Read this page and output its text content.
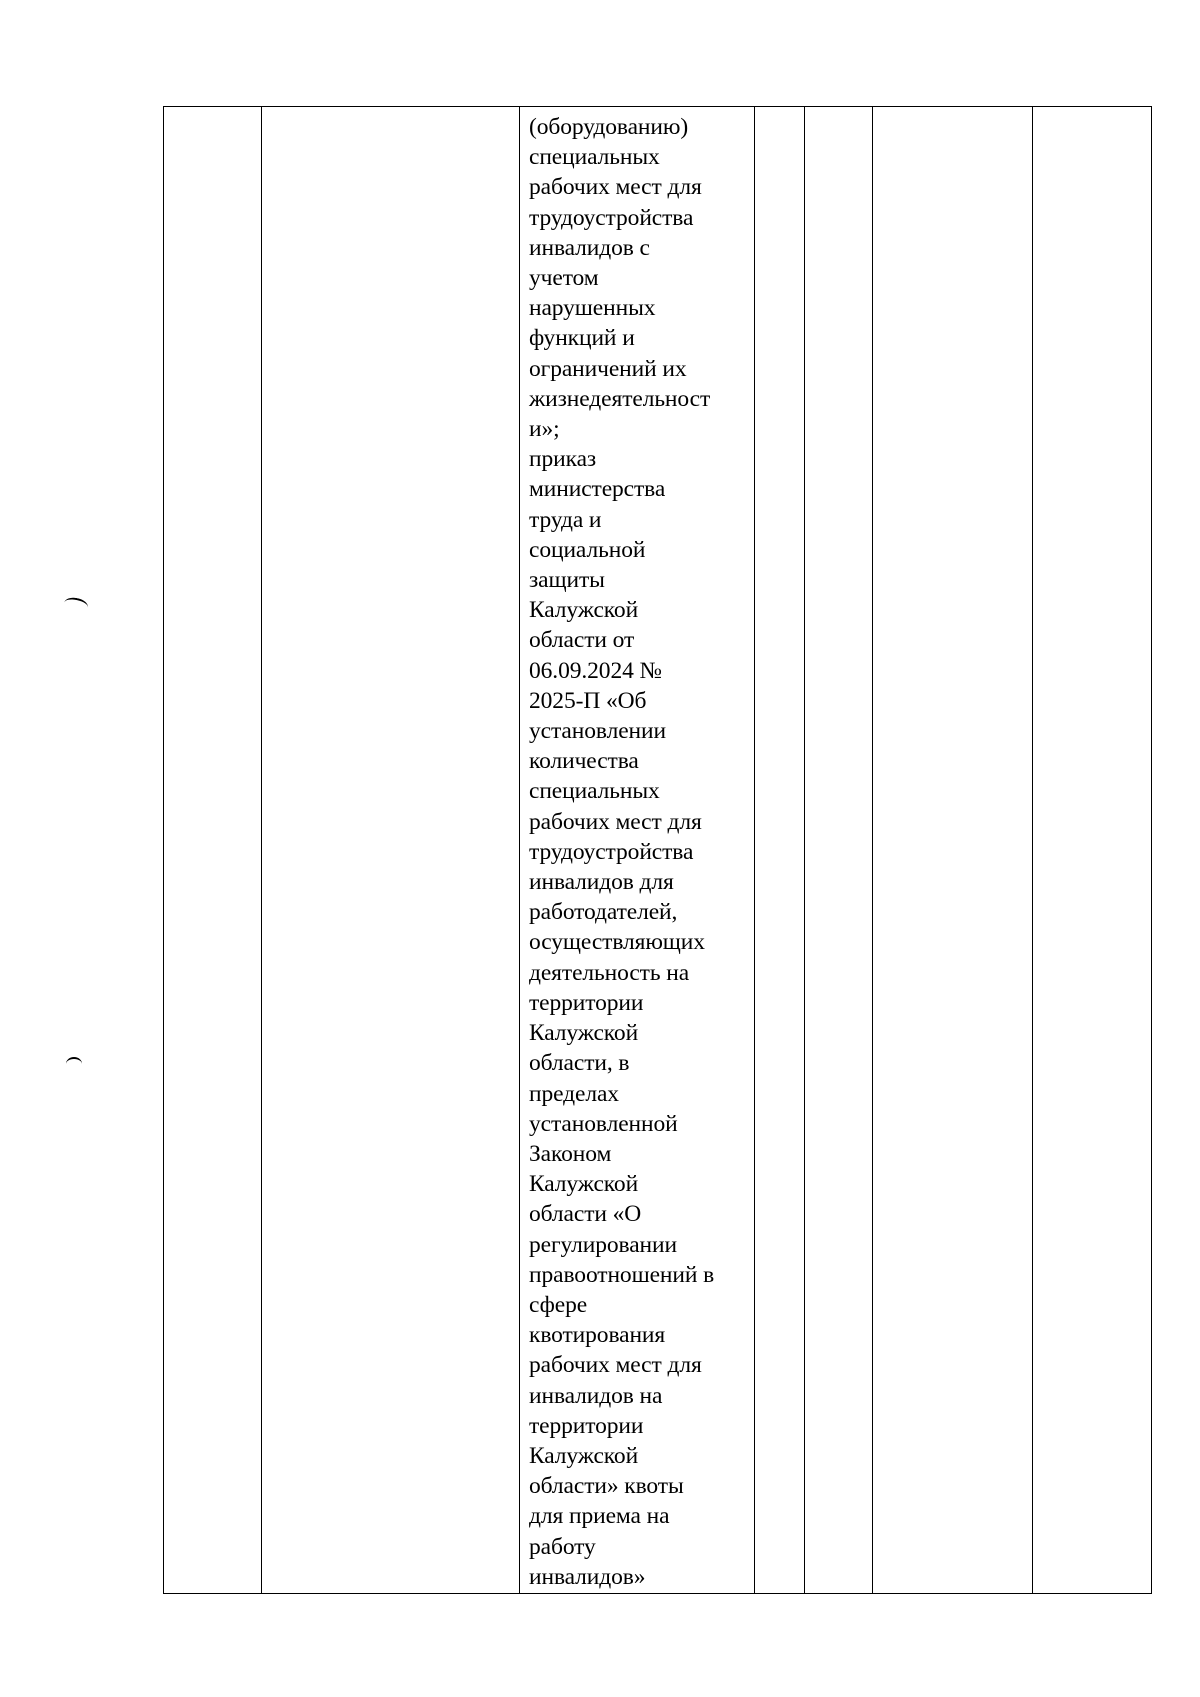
(оборудованию)
специальных
рабочих мест для
трудоустройства
инвалидов с
учетом
нарушенных
функций и
ограничений их
жизнедеятельност
и»;
приказ
министерства
труда и
социальной
защиты
Калужской
области от
06.09.2024 №
2025-П «Об
установлении
количества
специальных
рабочих мест для
трудоустройства
инвалидов для
работодателей,
осуществляющих
деятельность на
территории
Калужской
области, в
пределах
установленной
Законом
Калужской
области «О
регулировании
правоотношений в
сфере
квотирования
рабочих мест для
инвалидов на
территории
Калужской
области» квоты
для приема на
работу
инвалидов»
